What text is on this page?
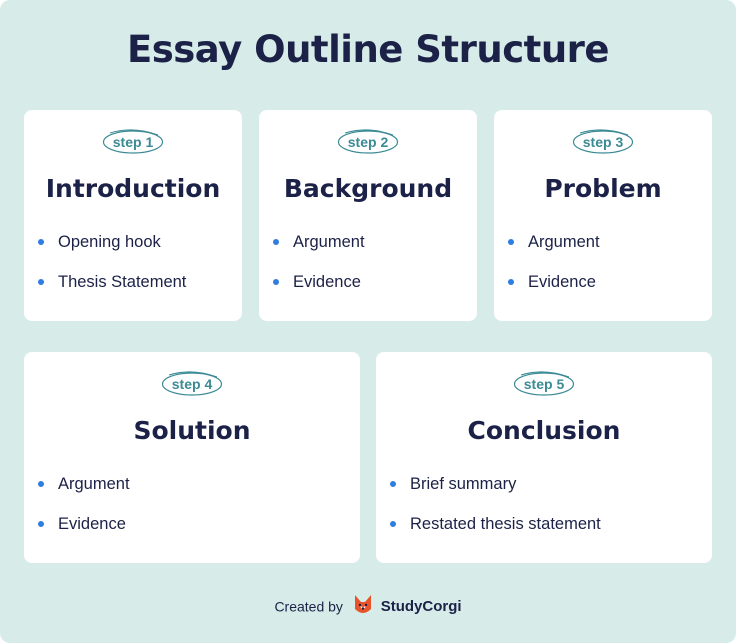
Essay Outline Structure
step 1
Introduction
Opening hook
Thesis Statement
step 2
Background
Argument
Evidence
step 3
Problem
Argument
Evidence
step 4
Solution
Argument
Evidence
step 5
Conclusion
Brief summary
Restated thesis statement
Created by	StudyCorgi
